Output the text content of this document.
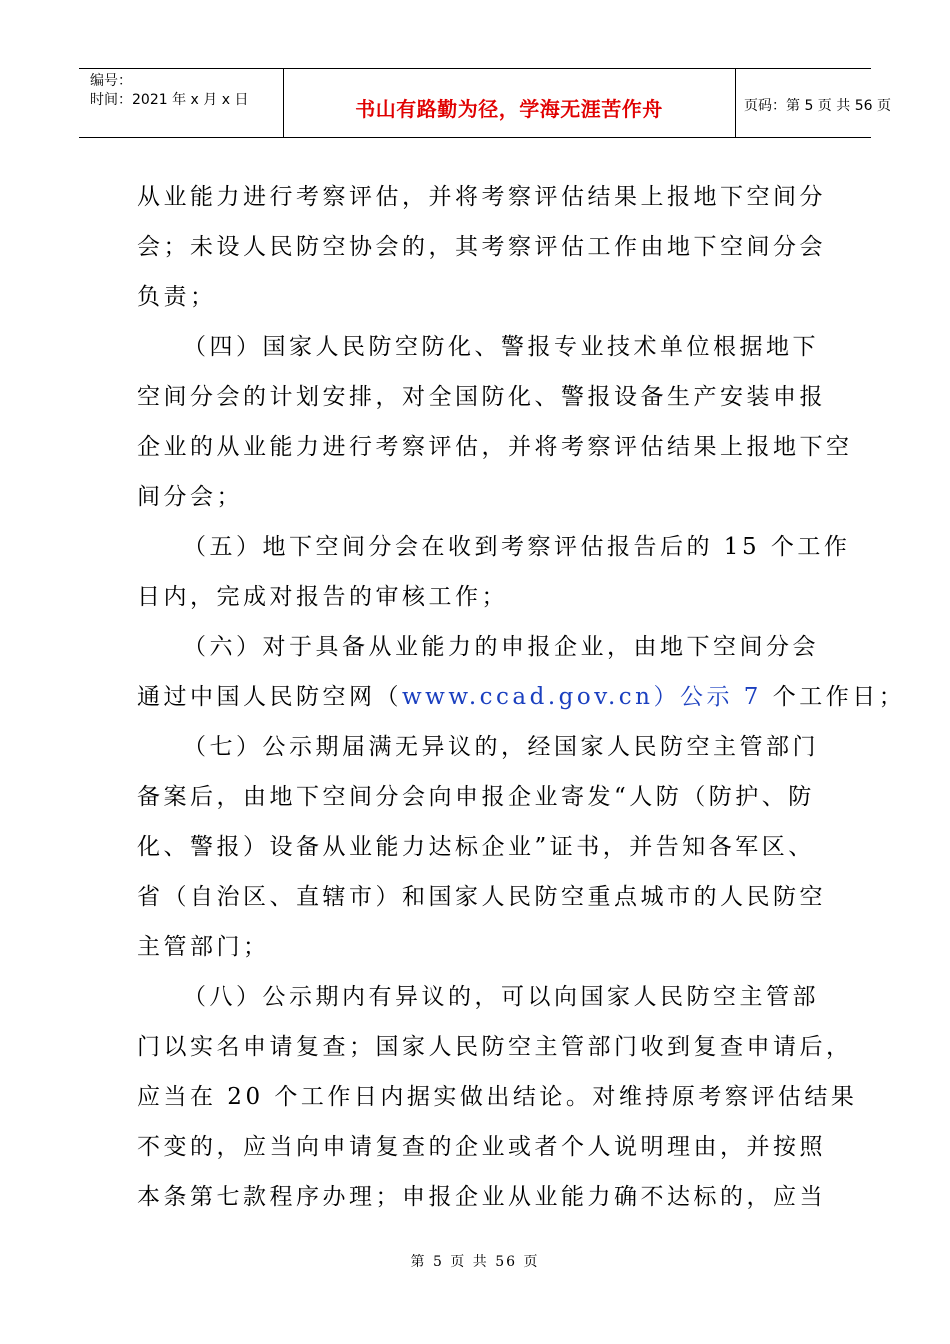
编号：
时间：2021 年 x 月 x 日	书山有路勤为径，学海无涯苦作舟	页码：第 5 页 共 56 页
从业能力进行考察评估，并将考察评估结果上报地下空间分
会；未设人民防空协会的，其考察评估工作由地下空间分会
负责；
（四）国家人民防空防化、警报专业技术单位根据地下
空间分会的计划安排，对全国防化、警报设备生产安装申报
企业的从业能力进行考察评估，并将考察评估结果上报地下空
间分会；
（五）地下空间分会在收到考察评估报告后的 15 个工作
日内，完成对报告的审核工作；
（六）对于具备从业能力的申报企业，由地下空间分会
通过中国人民防空网（www.ccad.gov.cn）公示 7 个工作日；
（七）公示期届满无异议的，经国家人民防空主管部门
备案后，由地下空间分会向申报企业寄发“人防（防护、防
化、警报）设备从业能力达标企业”证书，并告知各军区、
省（自治区、直辖市）和国家人民防空重点城市的人民防空
主管部门；
（八）公示期内有异议的，可以向国家人民防空主管部
门以实名申请复查；国家人民防空主管部门收到复查申请后，
应当在 20 个工作日内据实做出结论。对维持原考察评估结果
不变的，应当向申请复查的企业或者个人说明理由，并按照
本条第七款程序办理；申报企业从业能力确不达标的，应当
第 5 页 共 56 页
